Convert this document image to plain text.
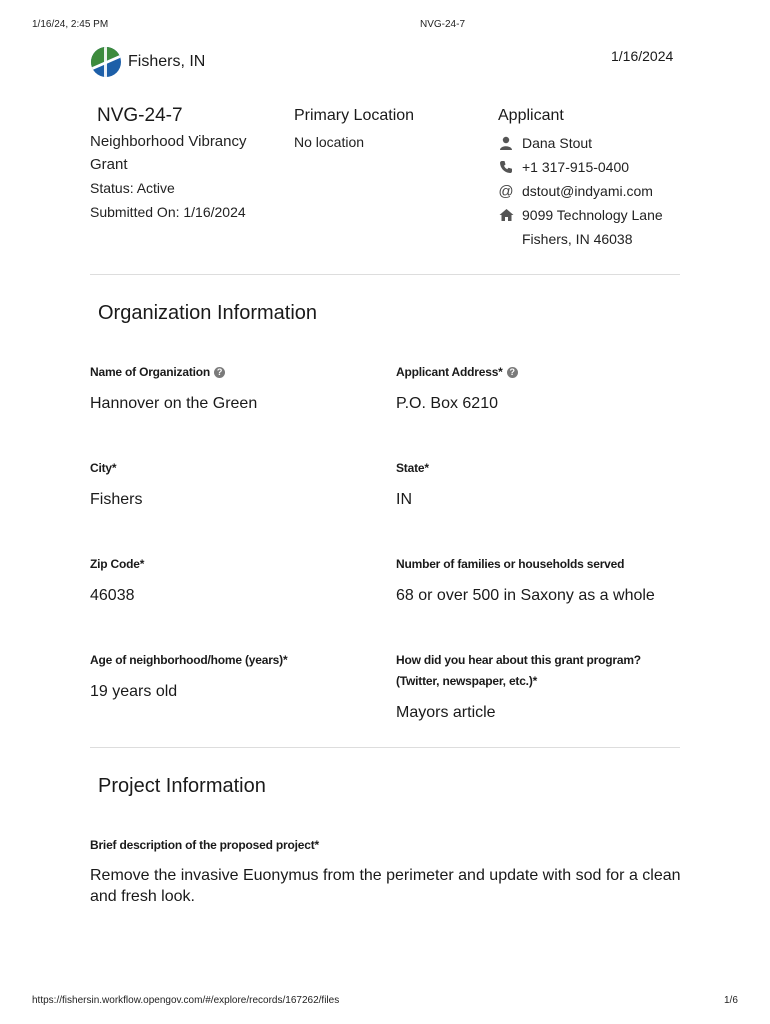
1/16/24, 2:45 PM	NVG-24-7
Fishers, IN	1/16/2024
NVG-24-7
Neighborhood Vibrancy
Grant
Status: Active
Submitted On: 1/16/2024
Primary Location
No location
Applicant
Dana Stout
+1 317-915-0400
@ dstout@indyami.com
9099 Technology Lane
Fishers, IN 46038
Organization Information
Name of Organization ?
Hannover on the Green
Applicant Address* ?
P.O. Box 6210
City*
Fishers
State*
IN
Zip Code*
46038
Number of families or households served
68 or over 500 in Saxony as a whole
Age of neighborhood/home (years)*
19 years old
How did you hear about this grant program?
(Twitter, newspaper, etc.)*
Mayors article
Project Information
Brief description of the proposed project*
Remove the invasive Euonymus from the perimeter and update with sod for a clean
and fresh look.
https://fishersin.workflow.opengov.com/#/explore/records/167262/files	1/6
